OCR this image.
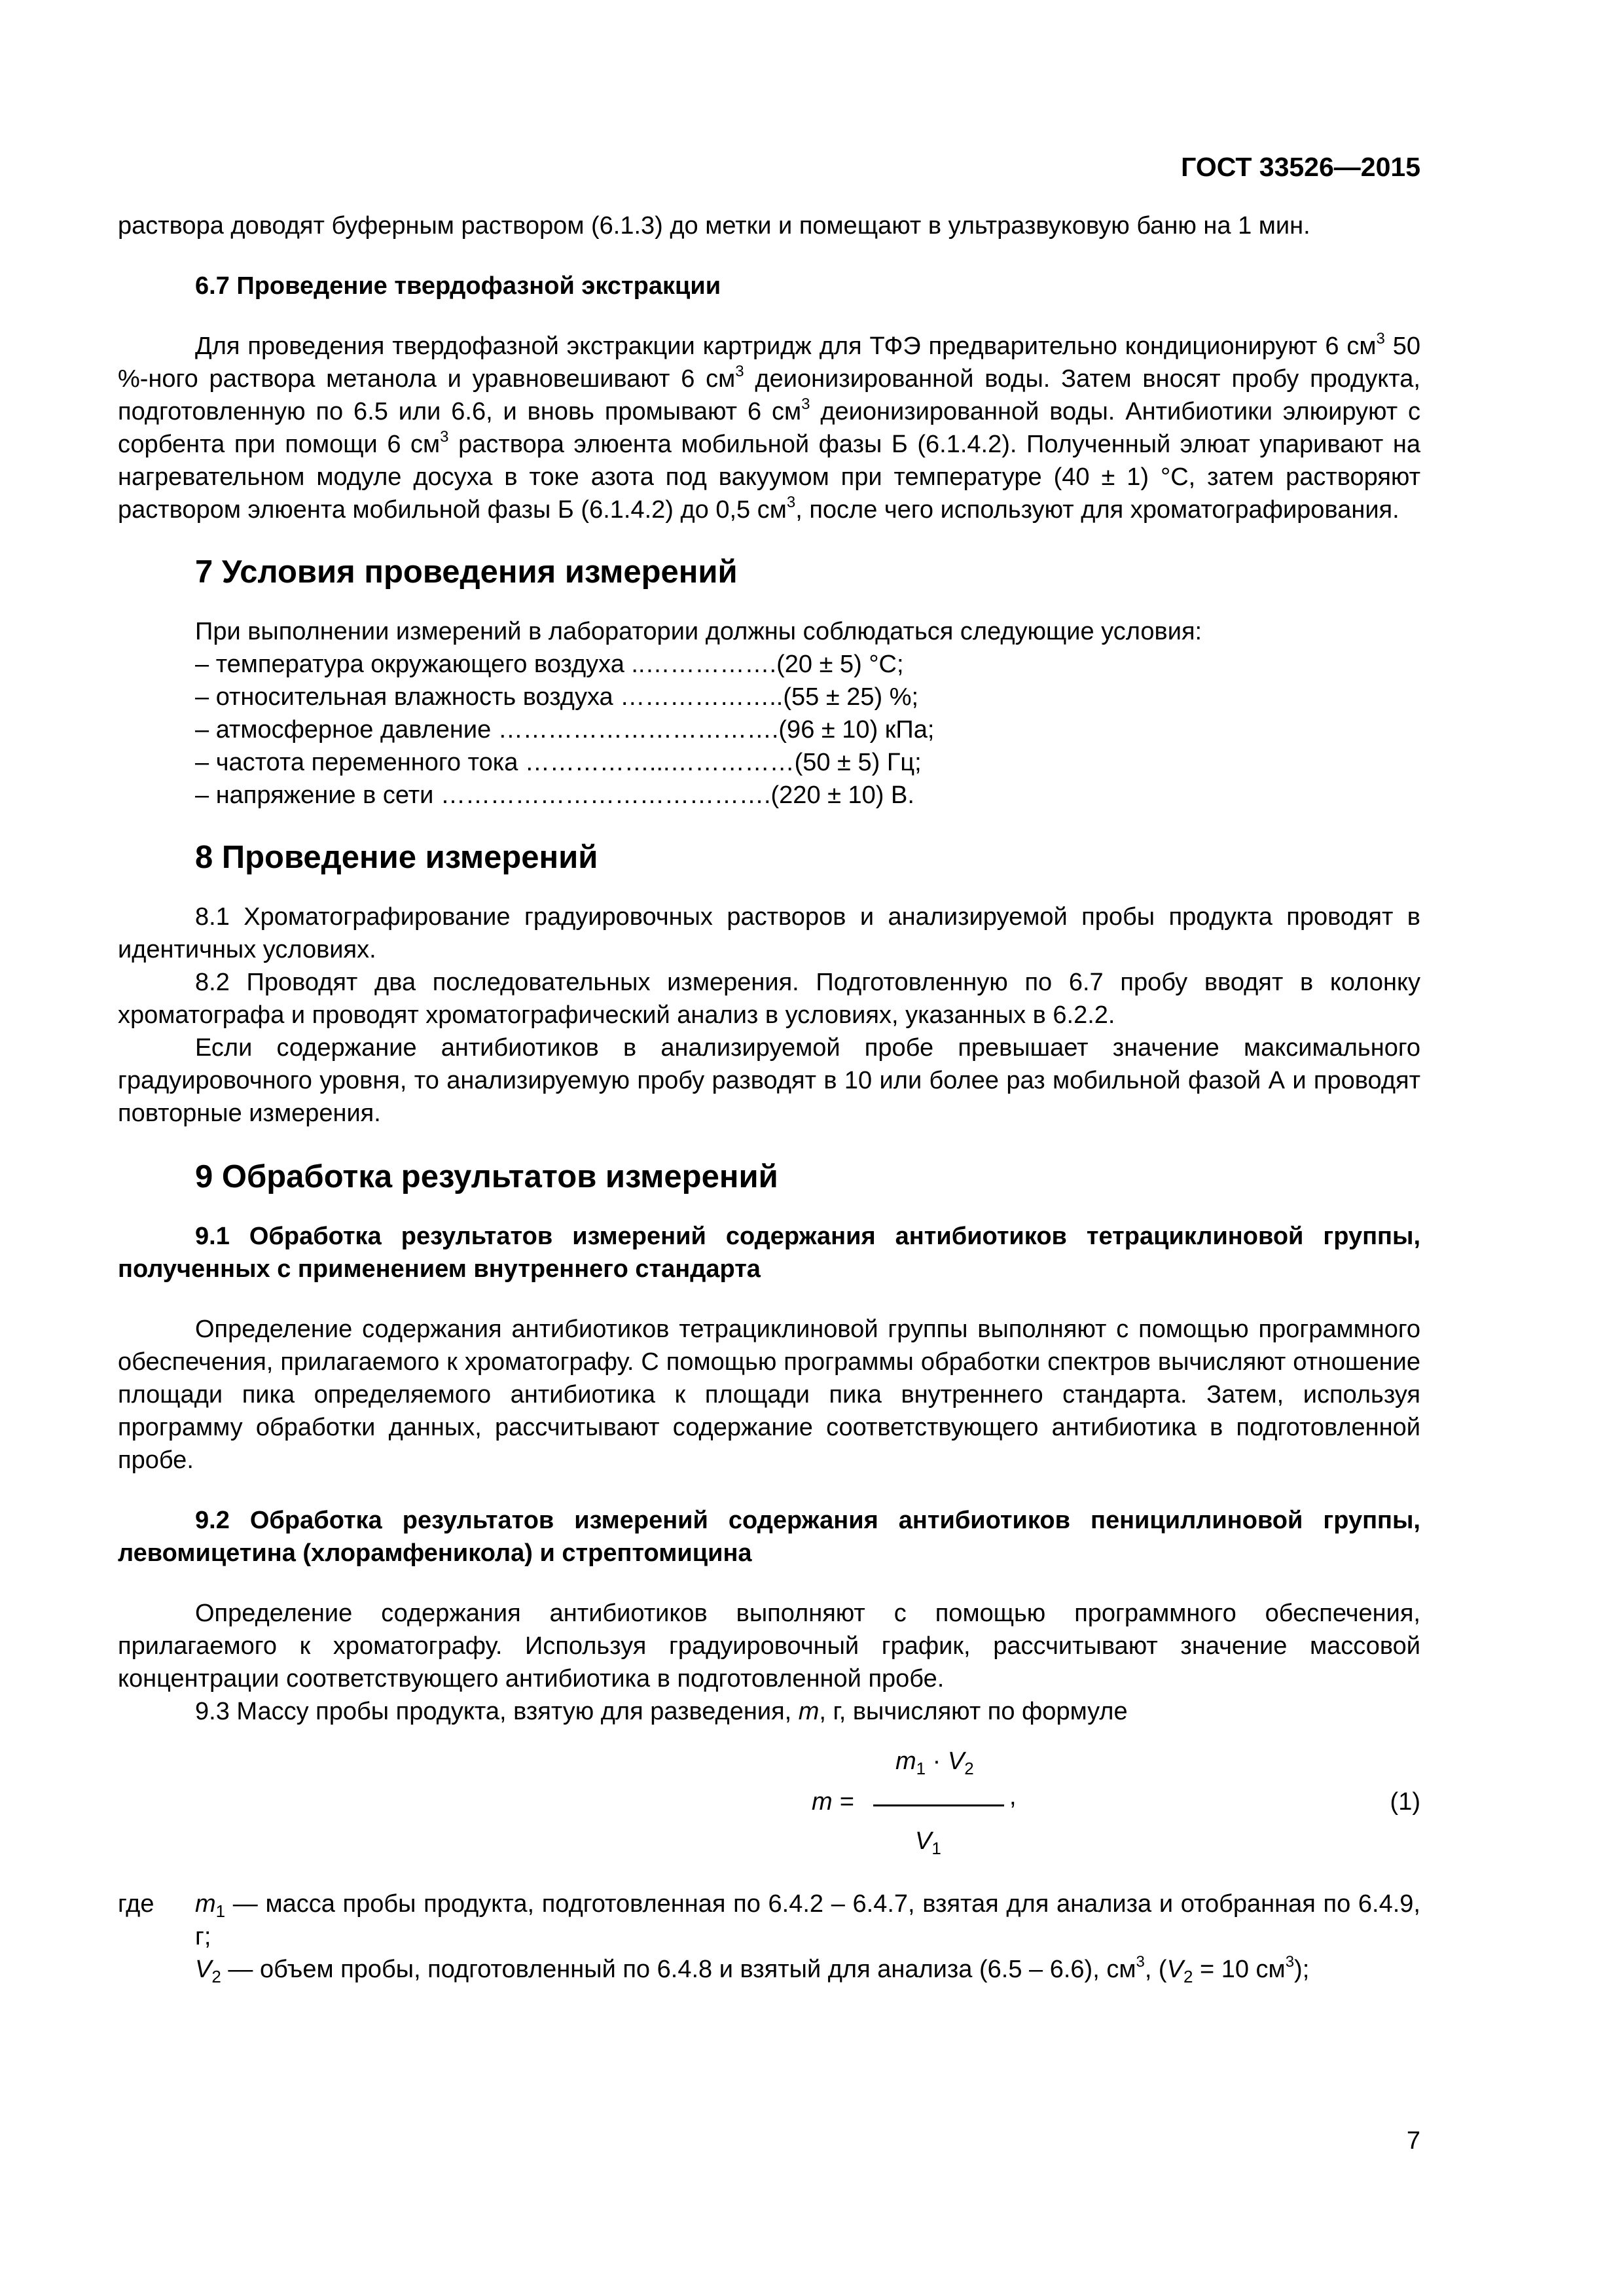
ГОСТ 33526—2015

раствора доводят буферным раствором (6.1.3) до метки и помещают в ультразвуковую баню на 1 мин.

6.7 Проведение твердофазной экстракции

Для проведения твердофазной экстракции картридж для ТФЭ предварительно кондиционируют 6 $см^3$ 50 %-ного раствора метанола и уравновешивают 6 $см^3$ деионизированной воды. Затем вносят пробу продукта, подготовленную по 6.5 или 6.6, и вновь промывают 6 $см^3$ деионизированной воды. Антибиотики элюируют с сорбента при помощи 6 $см^3$ раствора элюента мобильной фазы Б (6.1.4.2). Полученный элюат упаривают на нагревательном модуле досуха в токе азота под вакуумом при температуре (40 ± 1) °С, затем растворяют раствором элюента мобильной фазы Б (6.1.4.2) до 0,5 $см^3$, после чего используют для хроматографирования.

7 Условия проведения измерений

При выполнении измерений в лаборатории должны соблюдаться следующие условия:

– температура окружающего воздуха ..…………….(20 ± 5) °С;

– относительная влажность воздуха ………………..(55 ± 25) %;

– атмосферное давление …………………………….(96 ± 10) кПа;

– частота переменного тока ……………...……………(50 ± 5) Гц;

– напряжение в сети ………………………………….(220 ± 10) В.

8 Проведение измерений

8.1 Хроматографирование градуировочных растворов и анализируемой пробы продукта проводят в идентичных условиях.

8.2 Проводят два последовательных измерения. Подготовленную по 6.7 пробу вводят в колонку хроматографа и проводят хроматографический анализ в условиях, указанных в 6.2.2.

Если содержание антибиотиков в анализируемой пробе превышает значение максимального градуировочного уровня, то анализируемую пробу разводят в 10 или более раз мобильной фазой А и проводят повторные измерения.

9 Обработка результатов измерений

9.1 Обработка результатов измерений содержания антибиотиков тетрациклиновой группы, полученных с применением внутреннего стандарта

Определение содержания антибиотиков тетрациклиновой группы выполняют с помощью программного обеспечения, прилагаемого к хроматографу. С помощью программы обработки спектров вычисляют отношение площади пика определяемого антибиотика к площади пика внутреннего стандарта. Затем, используя программу обработки данных, рассчитывают содержание соответствующего антибиотика в подготовленной пробе.

9.2 Обработка результатов измерений содержания антибиотиков пенициллиновой группы, левомицетина (хлорамфеникола) и стрептомицина

Определение содержания антибиотиков выполняют с помощью программного обеспечения, прилагаемого к хроматографу. Используя градуировочный график, рассчитывают значение массовой концентрации соответствующего антибиотика в подготовленной пробе.

9.3 Массу пробы продукта, взятую для разведения, m, г, вычисляют по формуле

$m_1 \cdot V_2$
m =	,
$V_1$
(1)

где	$m_1$ — масса пробы продукта, подготовленная по 6.4.2 – 6.4.7, взятая для анализа и отобранная по 6.4.9, г;

$V_2$ — объем пробы, подготовленный по 6.4.8 и взятый для анализа (6.5 – 6.6), $см^3$, ($V_2 = 10$ $см^3$);

7
